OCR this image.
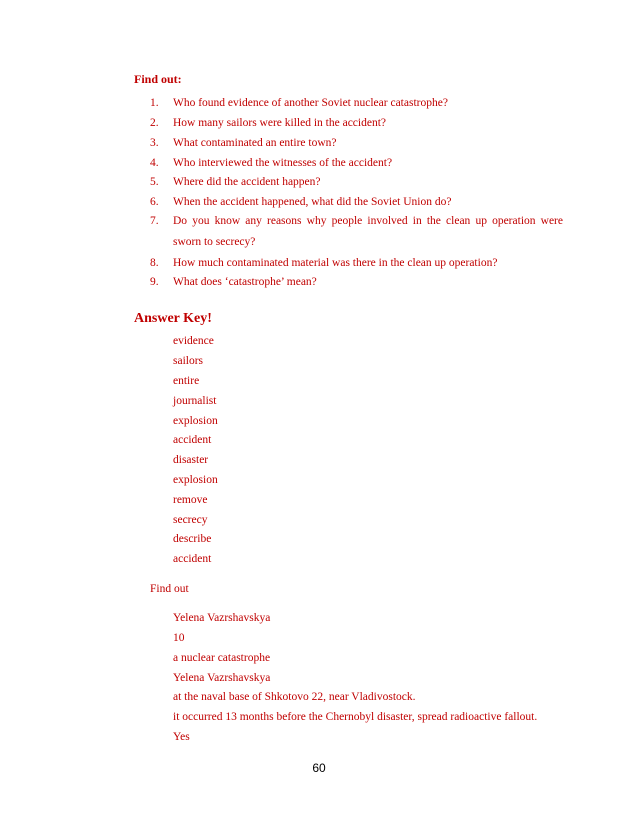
Find out:
1. Who found evidence of another Soviet nuclear catastrophe?
2. How many sailors were killed in the accident?
3. What contaminated an entire town?
4. Who interviewed the witnesses of the accident?
5. Where did the accident happen?
6. When the accident happened, what did the Soviet Union do?
7. Do you know any reasons why people involved in the clean up operation were
sworn to secrecy?
8. How much contaminated material was there in the clean up operation?
9. What does ‘catastrophe’ mean?
Answer Key!
evidence
sailors
entire
journalist
explosion
accident
disaster
explosion
remove
secrecy
describe
accident
Find out
Yelena Vazrshavskya
10
a nuclear catastrophe
Yelena Vazrshavskya
at the naval base of Shkotovo 22, near Vladivostock.
it occurred 13 months before the Chernobyl disaster, spread radioactive fallout.
Yes
60
